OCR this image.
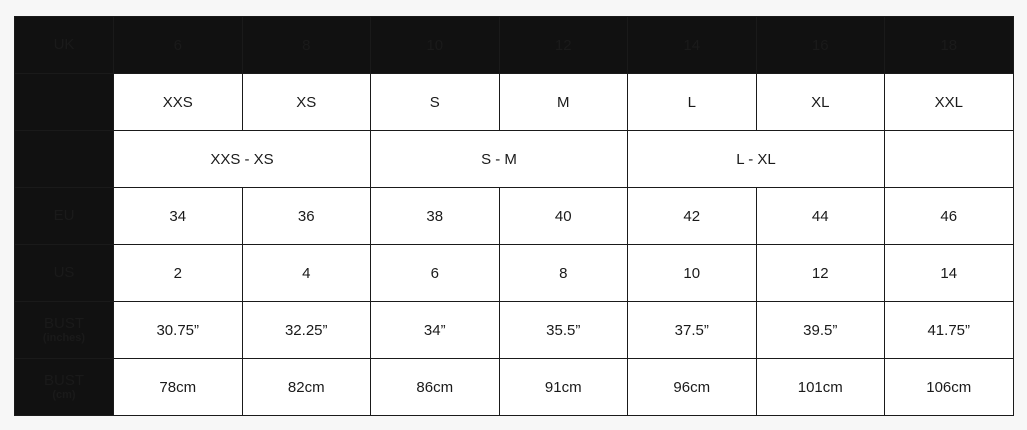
UK	6	8	10	12	14	16	18
	XXS	XS	S	M	L	XL	XXL
	XXS - XS		S - M		L - XL		

EU	34	36	38	40	42	44	46

US	2	4	6	8	10	12	14

BUST
(inches)	30.75”	32.25”	34”	35.5”	37.5”	39.5”	41.75”

BUST
(cm)	78cm	82cm	86cm	91cm	96cm	101cm	106cm
